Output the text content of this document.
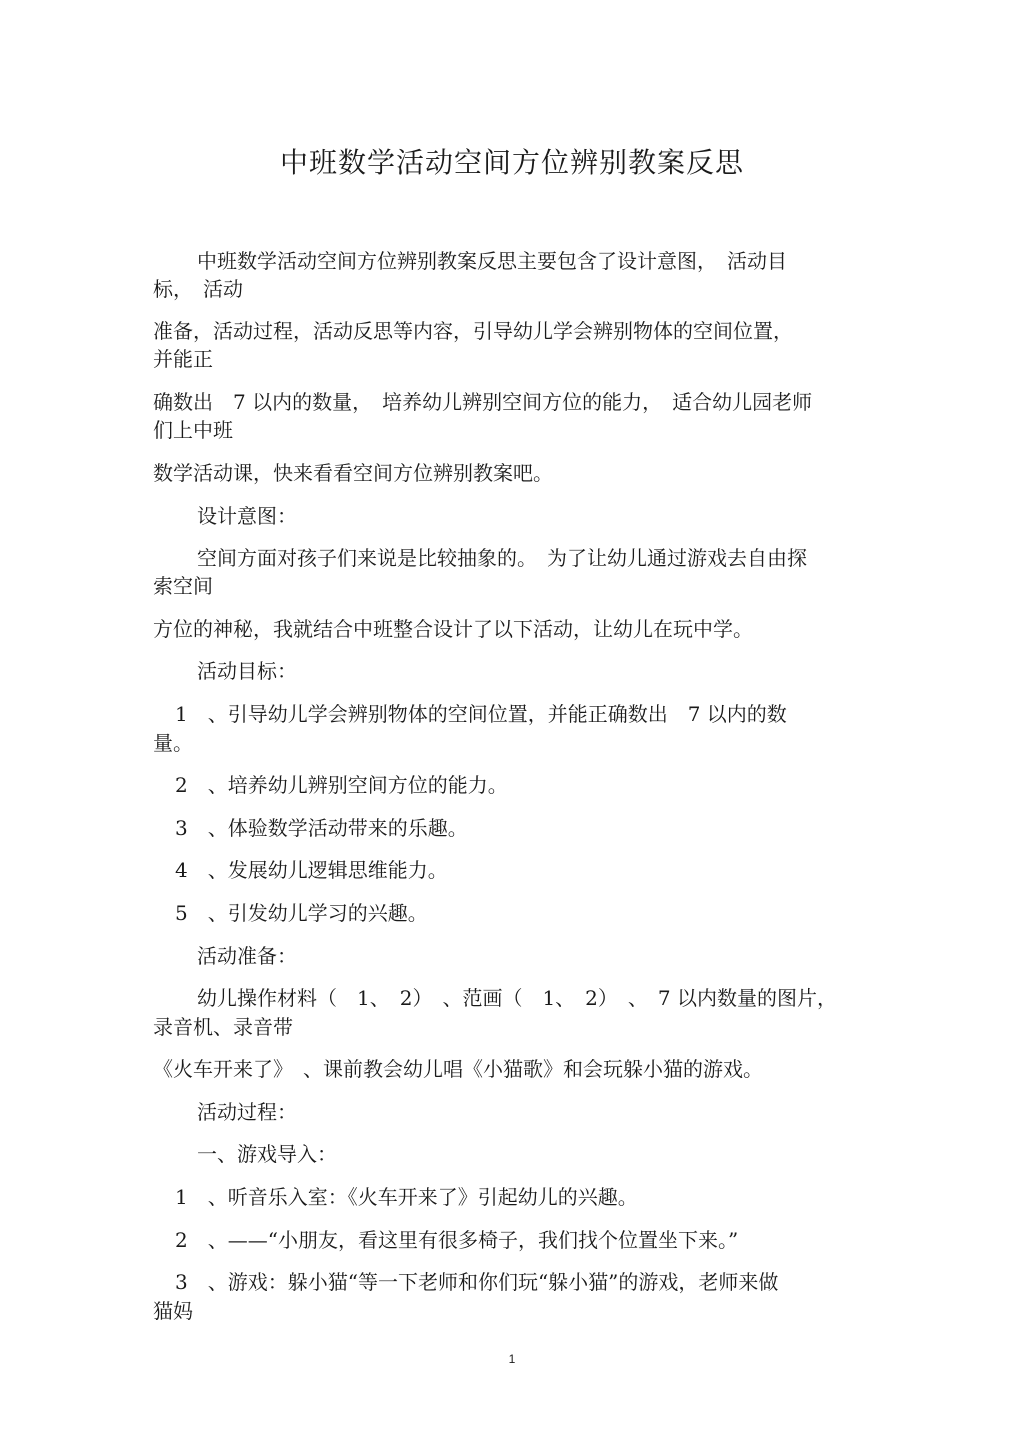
中班数学活动空间方位辨别教案反思
中班数学活动空间方位辨别教案反思主要包含了设计意图，　活动目
标，　活动
准备，活动过程，活动反思等内容，引导幼儿学会辨别物体的空间位置，
并能正
确数出　7 以内的数量，　培养幼儿辨别空间方位的能力，　适合幼儿园老师
们上中班
数学活动课，快来看看空间方位辨别教案吧。
设计意图：
空间方面对孩子们来说是比较抽象的。　为了让幼儿通过游戏去自由探
索空间
方位的神秘，我就结合中班整合设计了以下活动，让幼儿在玩中学。
活动目标：
1　、引导幼儿学会辨别物体的空间位置，并能正确数出　7 以内的数
量。
2　、培养幼儿辨别空间方位的能力。
3　、体验数学活动带来的乐趣。
4　、发展幼儿逻辑思维能力。
5　、引发幼儿学习的兴趣。
活动准备：
幼儿操作材料（　1、　2）　、范画（　1、　2）　、　7 以内数量的图片，
录音机、录音带
《火车开来了》　、课前教会幼儿唱《小猫歌》和会玩躲小猫的游戏。
活动过程：
一、游戏导入：
1　、听音乐入室：《火车开来了》引起幼儿的兴趣。
2　、——“小朋友，看这里有很多椅子，我们找个位置坐下来。”
3　、游戏：躲小猫“等一下老师和你们玩“躲小猫”的游戏，老师来做
猫妈
1
